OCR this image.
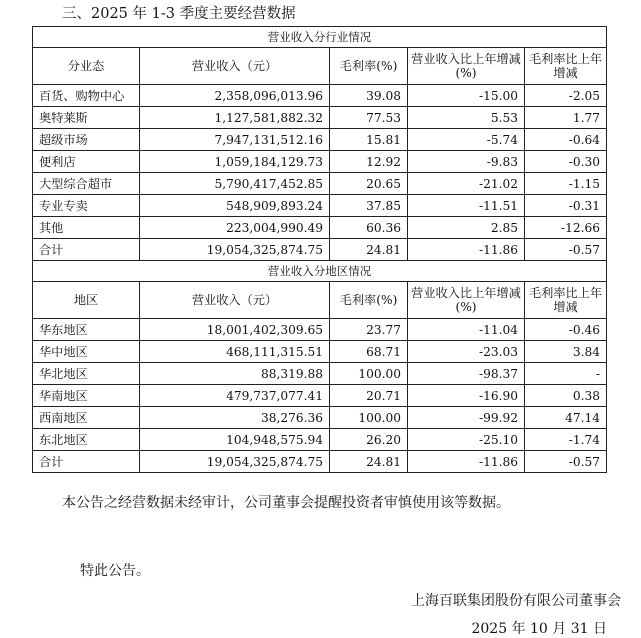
三、2025 年 1-3 季度主要经营数据
营业收入分行业情况				
分业态	营业收入（元）	毛利率(%)	营业收入比上年增减(%)	毛利率比上年增减
百货、购物中心	2,358,096,013.96	39.08	-15.00	-2.05
奥特莱斯	1,127,581,882.32	77.53	5.53	1.77
超级市场	7,947,131,512.16	15.81	-5.74	-0.64
便利店	1,059,184,129.73	12.92	-9.83	-0.30
大型综合超市	5,790,417,452.85	20.65	-21.02	-1.15
专业专卖	548,909,893.24	37.85	-11.51	-0.31
其他	223,004,990.49	60.36	2.85	-12.66
合计	19,054,325,874.75	24.81	-11.86	-0.57
营业收入分地区情况				
地区	营业收入（元）	毛利率(%)	营业收入比上年增减(%)	毛利率比上年增减
华东地区	18,001,402,309.65	23.77	-11.04	-0.46
华中地区	468,111,315.51	68.71	-23.03	3.84
华北地区	88,319.88	100.00	-98.37	-
华南地区	479,737,077.41	20.71	-16.90	0.38
西南地区	38,276.36	100.00	-99.92	47.14
东北地区	104,948,575.94	26.20	-25.10	-1.74
合计	19,054,325,874.75	24.81	-11.86	-0.57
本公告之经营数据未经审计，公司董事会提醒投资者审慎使用该等数据。
特此公告。
上海百联集团股份有限公司董事会
2025 年 10 月 31 日
